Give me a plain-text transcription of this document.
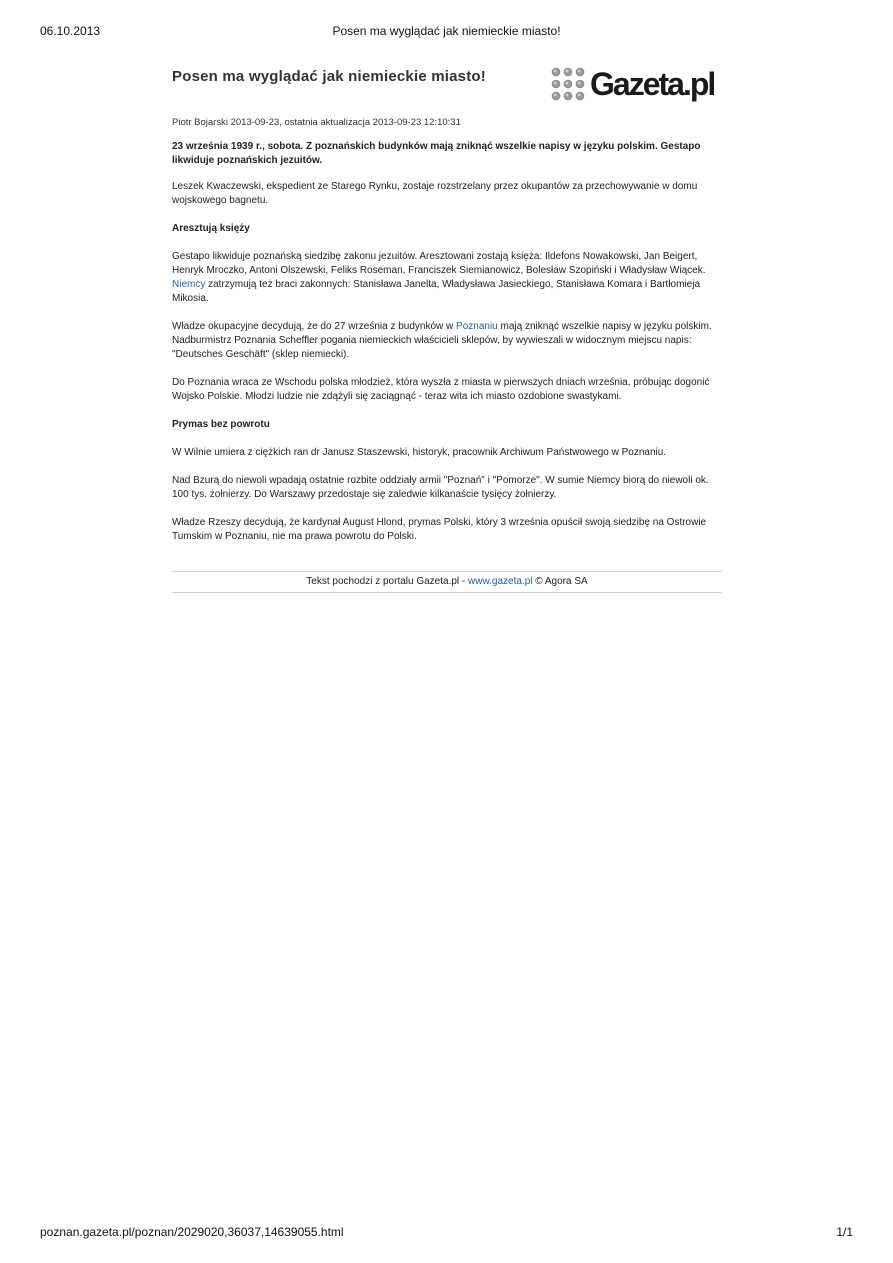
06.10.2013	Posen ma wyglądać jak niemieckie miasto!
Posen ma wyglądać jak niemieckie miasto!	Gazeta.pl
Piotr Bojarski 2013-09-23, ostatnia aktualizacja 2013-09-23 12:10:31

23 września 1939 r., sobota. Z poznańskich budynków mają zniknąć wszelkie napisy w języku polskim. Gestapo likwiduje poznańskich jezuitów.

Leszek Kwaczewski, ekspedient ze Starego Rynku, zostaje rozstrzelany przez okupantów za przechowywanie w domu wojskowego bagnetu.

Aresztują księży

Gestapo likwiduje poznańską siedzibę zakonu jezuitów. Aresztowani zostają księża: Ildefons Nowakowski, Jan Beigert, Henryk Mroczko, Antoni Olszewski, Feliks Roseman, Franciszek Siemianowicz, Bolesław Szopiński i Władysław Wiącek. Niemcy zatrzymują też braci zakonnych: Stanisława Janelta, Władysława Jasieckiego, Stanisława Komara i Bartłomieja Mikosia.

Władze okupacyjne decydują, że do 27 września z budynków w Poznaniu mają zniknąć wszelkie napisy w języku polskim. Nadburmistrz Poznania Scheffler pogania niemieckich właścicieli sklepów, by wywieszali w widocznym miejscu napis: "Deutsches Geschäft" (sklep niemiecki).

Do Poznania wraca ze Wschodu polska młodzież, która wyszła z miasta w pierwszych dniach września, próbując dogonić Wojsko Polskie. Młodzi ludzie nie zdążyli się zaciągnąć - teraz wita ich miasto ozdobione swastykami.

Prymas bez powrotu

W Wilnie umiera z ciężkich ran dr Janusz Staszewski, historyk, pracownik Archiwum Państwowego w Poznaniu.

Nad Bzurą do niewoli wpadają ostatnie rozbite oddziały armii "Poznań" i "Pomorze". W sumie Niemcy biorą do niewoli ok. 100 tys. żołnierzy. Do Warszawy przedostaje się zaledwie kilkanaście tysięcy żołnierzy.

Władze Rzeszy decydują, że kardynał August Hlond, prymas Polski, który 3 września opuścił swoją siedzibę na Ostrowie Tumskim w Poznaniu, nie ma prawa powrotu do Polski.

Tekst pochodzi z portalu Gazeta.pl - www.gazeta.pl © Agora SA
poznan.gazeta.pl/poznan/2029020,36037,14639055.html	1/1
